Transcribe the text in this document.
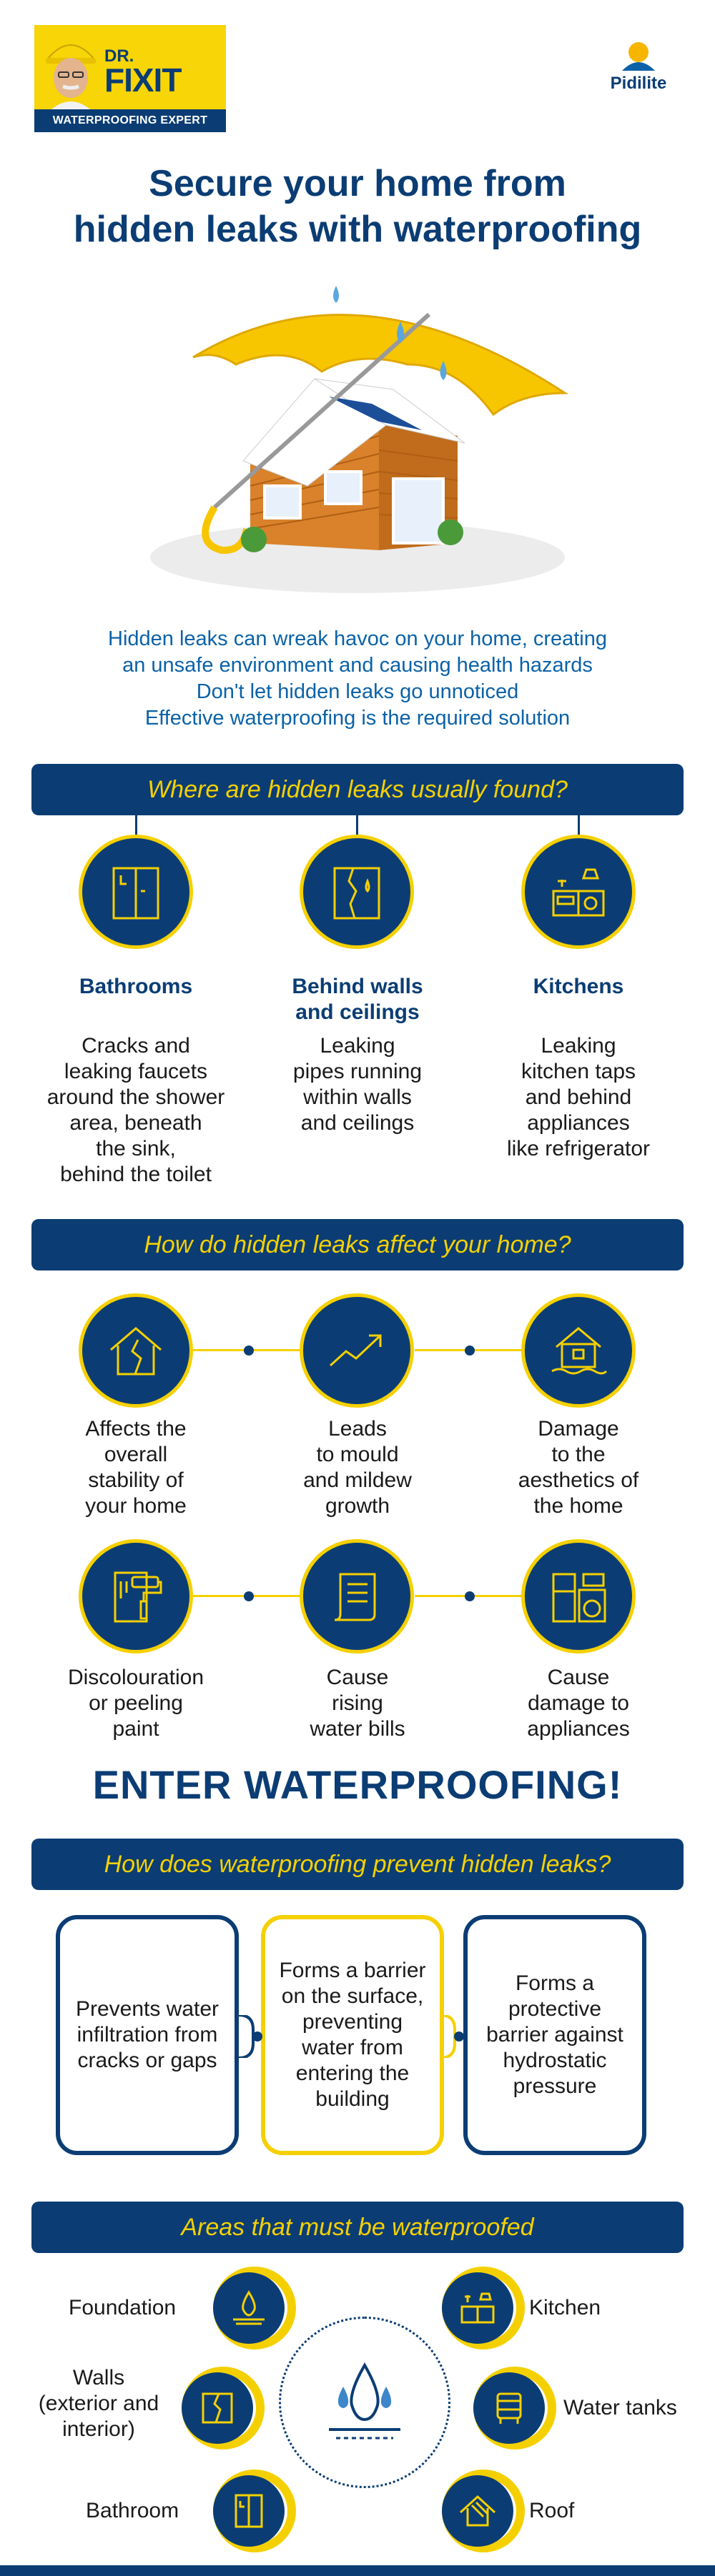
DR.
FIXIT
WATERPROOFING EXPERT
Pidilite
Secure your home from
hidden leaks with waterproofing
Hidden leaks can wreak havoc on your home, creating
an unsafe environment and causing health hazards
Don't let hidden leaks go unnoticed
Effective waterproofing is the required solution
Where are hidden leaks usually found?
Bathrooms	Behind walls
and ceilings
Kitchens
Cracks and
leaking faucets
around the shower
area, beneath
the sink,
behind the toilet
Leaking
pipes running
within walls
and ceilings
Leaking
kitchen taps
and behind
appliances
like refrigerator
How do hidden leaks affect your home?
Affects the
overall
stability of
your home
Leads
to mould
and mildew
growth
Damage
to the
aesthetics of
the home
Discolouration
or peeling
paint
Cause
rising
water bills
Cause
damage to
appliances
ENTER WATERPROOFING!
How does waterproofing prevent hidden leaks?
Prevents water infiltration from cracks or gaps
Forms a barrier on the surface, preventing water from entering the building
Forms a protective barrier against hydrostatic pressure
Areas that must be waterproofed
Foundation
Walls
(exterior and
interior)
Bathroom
Kitchen
Water tanks
Roof
